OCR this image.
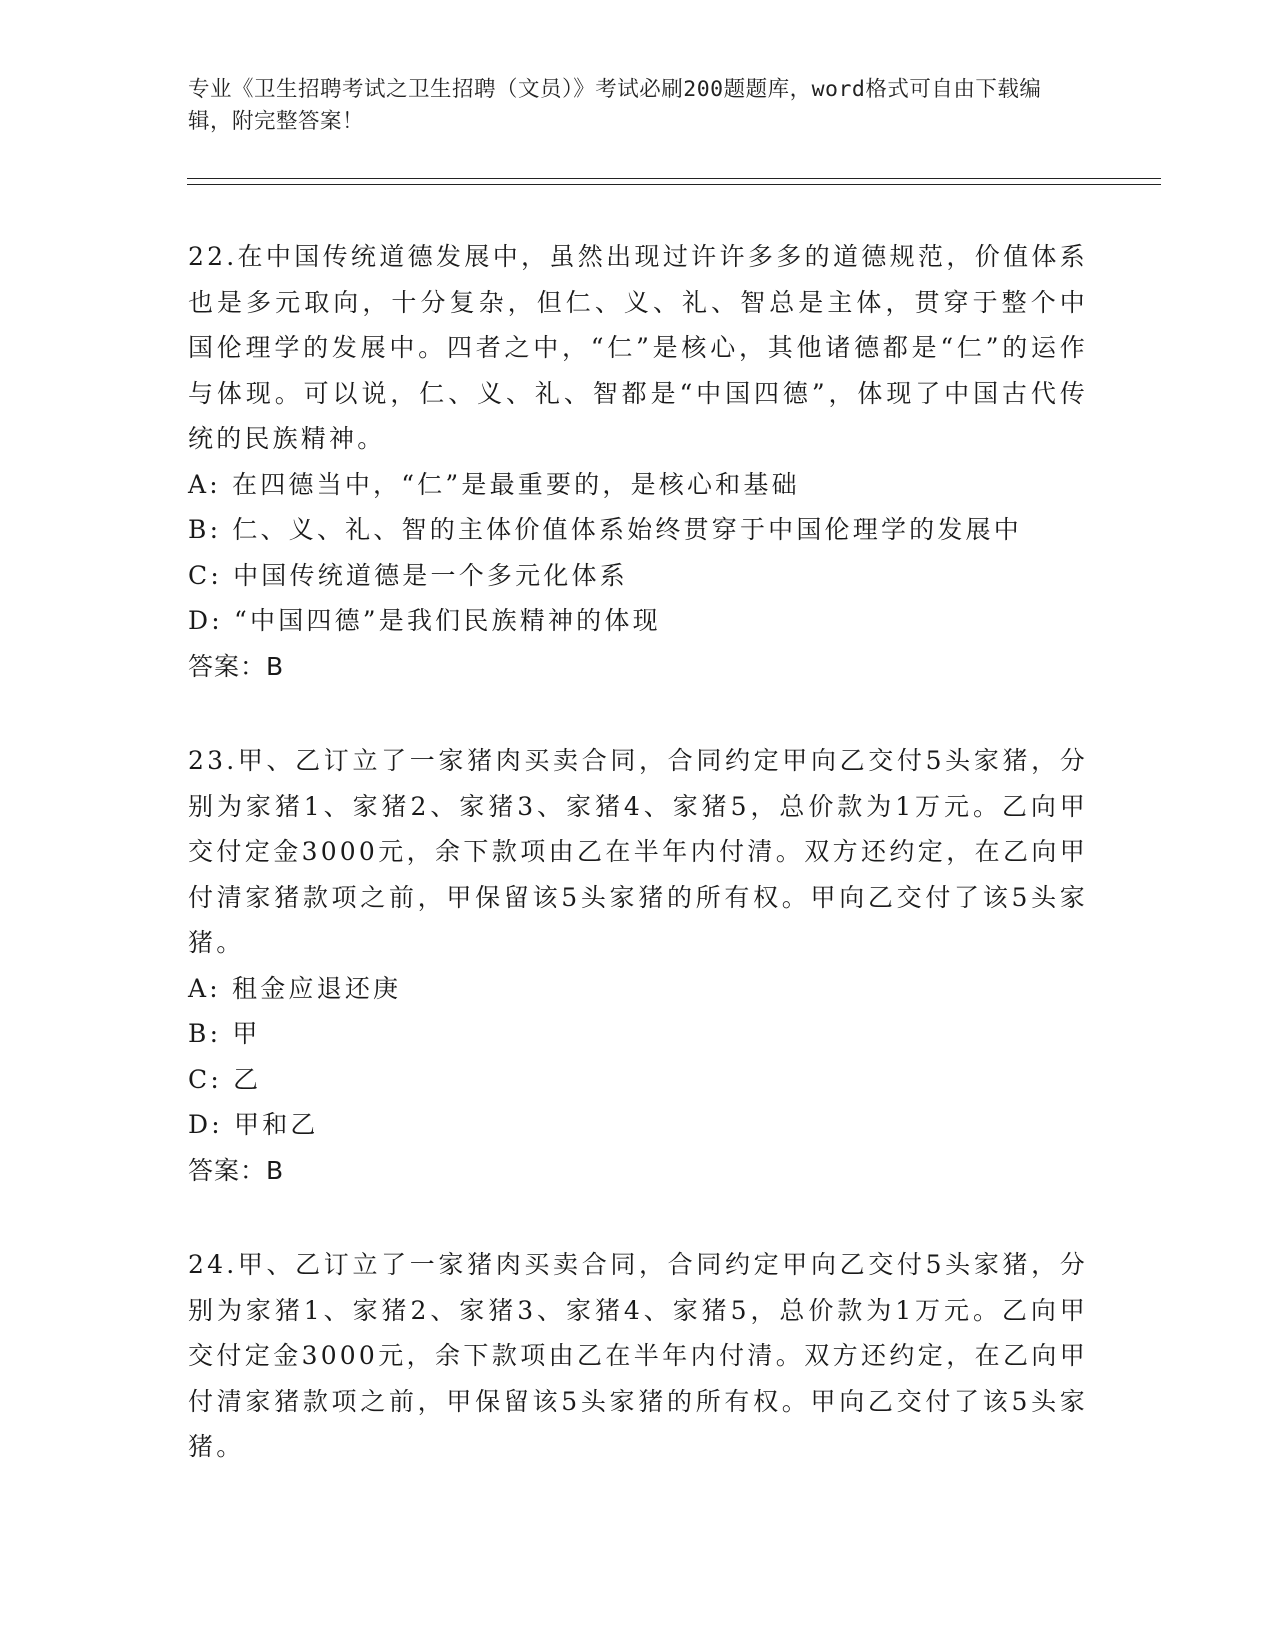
专业《卫生招聘考试之卫生招聘（文员）》考试必刷200题题库，word格式可自由下载编辑，附完整答案！

22.在中国传统道德发展中，虽然出现过许许多多的道德规范，价值体系也是多元取向，十分复杂，但仁、义、礼、智总是主体，贯穿于整个中国伦理学的发展中。四者之中，“仁”是核心，其他诸德都是“仁”的运作与体现。可以说，仁、义、礼、智都是“中国四德”，体现了中国古代传统的民族精神。

A: 在四德当中，“仁”是最重要的，是核心和基础

B: 仁、义、礼、智的主体价值体系始终贯穿于中国伦理学的发展中

C: 中国传统道德是一个多元化体系

D: “中国四德”是我们民族精神的体现

答案：B

23.甲、乙订立了一家猪肉买卖合同，合同约定甲向乙交付5头家猪，分别为家猪1、家猪2、家猪3、家猪4、家猪5，总价款为1万元。乙向甲交付定金3000元，余下款项由乙在半年内付清。双方还约定，在乙向甲付清家猪款项之前，甲保留该5头家猪的所有权。甲向乙交付了该5头家猪。

A: 租金应退还庚

B: 甲

C: 乙

D: 甲和乙

答案：B

24.甲、乙订立了一家猪肉买卖合同，合同约定甲向乙交付5头家猪，分别为家猪1、家猪2、家猪3、家猪4、家猪5，总价款为1万元。乙向甲交付定金3000元，余下款项由乙在半年内付清。双方还约定，在乙向甲付清家猪款项之前，甲保留该5头家猪的所有权。甲向乙交付了该5头家猪。
